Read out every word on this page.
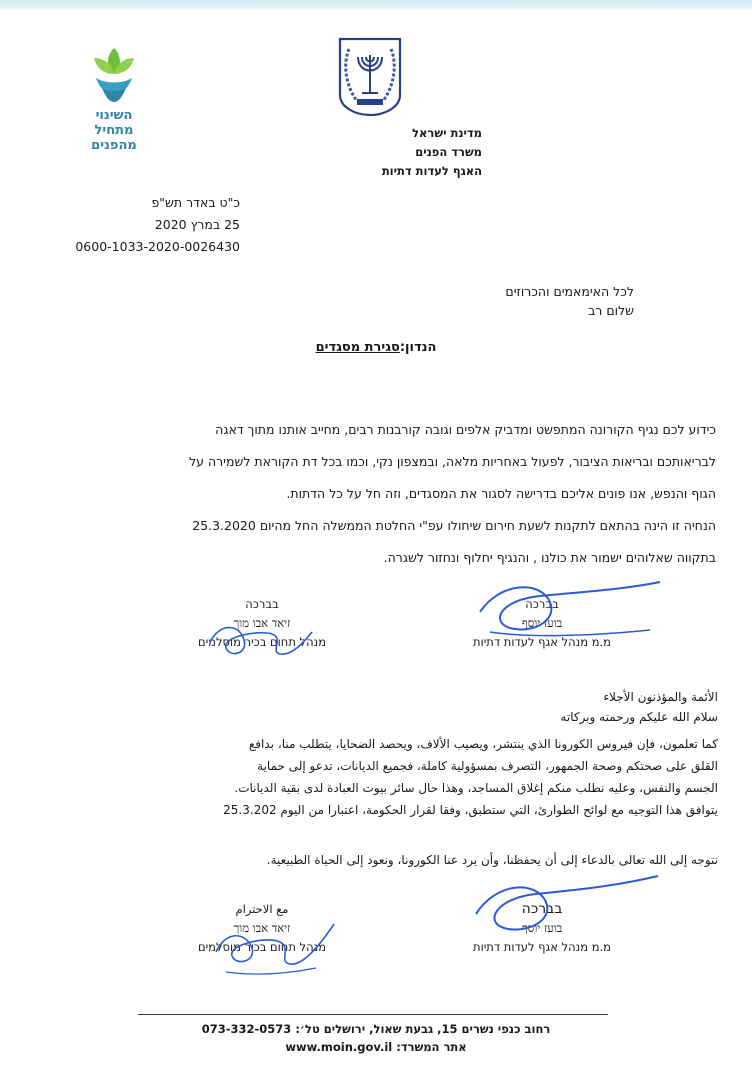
השינוי
מתחיל
מהפנים
מדינת ישראל
משרד הפנים
האגף לעדות דתיות
כ"ט באדר תש"פ
25 במרץ 2020
0600-1033-2020-0026430
לכל האימאמים והכרוזים
שלום רב
הנדון:סגירת מסגדים
כידוע לכם נגיף הקורונה המתפשט ומדביק אלפים וגובה קורבנות רבים, מחייב אותנו מתוך דאגה
לבריאותכם ובריאות הציבור, לפעול באחריות מלאה, ובמצפון נקי, וכמו בכל דת הקוראת לשמירה על
הגוף והנפש, אנו פונים אליכם בדרישה לסגור את המסגדים, וזה חל על כל הדתות.
הנחיה זו הינה בהתאם לתקנות לשעת חירום שיחולו עפ"י החלטת הממשלה החל מהיום 25.3.2020
בתקווה שאלוהים ישמור את כולנו , והנגיף יחלוף ונחזור לשגרה.
בברכה
בועז יוסף
מ.מ מנהל אגף לעדות דתיות
בברכה
זיאד אבו מוך
מנהל תחום בכיר מוסלמים
الأئمة والمؤذنون الأجلاء
سلام الله عليكم ورحمته وبركاته
كما تعلمون، فإن فيروس الكورونا الذي ينتشر، ويصيب الألاف، ويحصد الضحايا، يتطلب منا، بدافع
القلق على صحتكم وصحة الجمهور، التصرف بمسؤولية كاملة، فجميع الديانات، تدعو إلى حماية
الجسم والنفس، وعليه نطلب منكم إغلاق المساجد، وهذا حال سائر بيوت العبادة لدى بقية الديانات.
يتوافق هذا التوجيه مع لوائح الطوارئ، التي ستطبق، وفقا لقرار الحكومة، اعتبارا من اليوم 25.3.202
نتوجه إلى الله تعالى بالدعاء إلى أن يحفظنا، وأن يرد عنا الكورونا، ونعود إلى الحياة الطبيعية.
בברכה
בועז יוסף
מ.מ מנהל אגף לעדות דתיות
مع الاحترام
זיאד אבו מוך
מנהל תחום בכיר מוסלמים
רחוב כנפי נשרים 15, גבעת שאול, ירושלים טל׳: 073-332-0573
אתר המשרד: www.moin.gov.il
